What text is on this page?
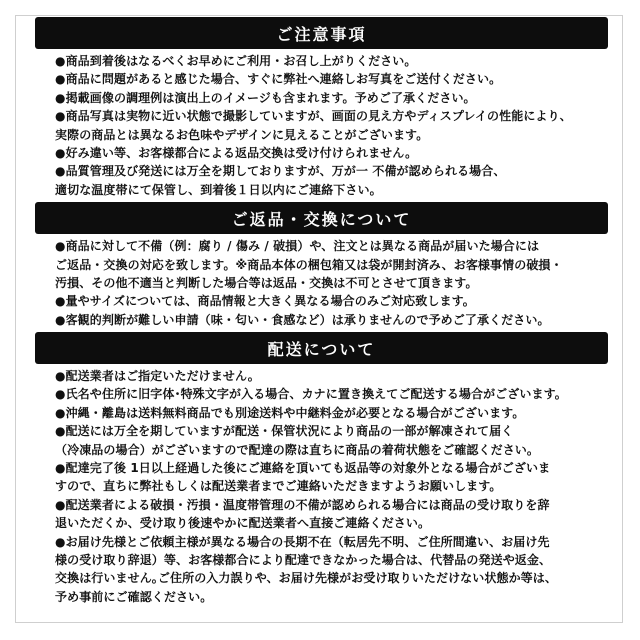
ご注意事項
●商品到着後はなるべくお早めにご利用・お召し上がりください。
●商品に問題があると感じた場合、すぐに弊社へ連絡しお写真をご送付ください。
●掲載画像の調理例は演出上のイメージも含まれます。予めご了承ください。
●商品写真は実物に近い状態で撮影していますが、画面の見え方やディスプレイの性能により、
実際の商品とは異なるお色味やデザインに見えることがございます。
●好み違い等、お客様都合による返品交換は受け付けられません。
●品質管理及び発送には万全を期しておりますが、万が一 不備が認められる場合、
適切な温度帯にて保管し、到着後１日以内にご連絡下さい。
ご返品・交換について
●商品に対して不備（例：腐り / 傷み / 破損）や、注文とは異なる商品が届いた場合には
ご返品・交換の対応を致します。※商品本体の梱包箱又は袋が開封済み、お客様事情の破損・
汚損、その他不適当と判断した場合等は返品・交換は不可とさせて頂きます。
●量やサイズについては、商品情報と大きく異なる場合のみご対応致します。
●客観的判断が難しい申請（味・匂い・食感など）は承りませんので予めご了承ください。
配送について
●配送業者はご指定いただけません。
●氏名や住所に旧字体･特殊文字が入る場合、カナに置き換えてご配送する場合がございます。
●沖縄・離島は送料無料商品でも別途送料や中継料金が必要となる場合がございます。
●配送には万全を期していますが配送・保管状況により商品の一部が解凍されて届く
（冷凍品の場合）がございますので配達の際は直ちに商品の着荷状態をご確認ください。
●配達完了後 1日以上経過した後にご連絡を頂いても返品等の対象外となる場合がございま
すので、直ちに弊社もしくは配送業者までご連絡いただきますようお願いします。
●配送業者による破損・汚損・温度帯管理の不備が認められる場合には商品の受け取りを辞
退いただくか、受け取り後速やかに配送業者へ直接ご連絡ください。
●お届け先様とご依頼主様が異なる場合の長期不在（転居先不明、ご住所間違い、お届け先
様の受け取り辞退）等、お客様都合により配達できなかった場合は、代替品の発送や返金、
交換は行いません｡ご住所の入力誤りや、お届け先様がお受け取りいただけない状態か等は、
予め事前にご確認ください。
